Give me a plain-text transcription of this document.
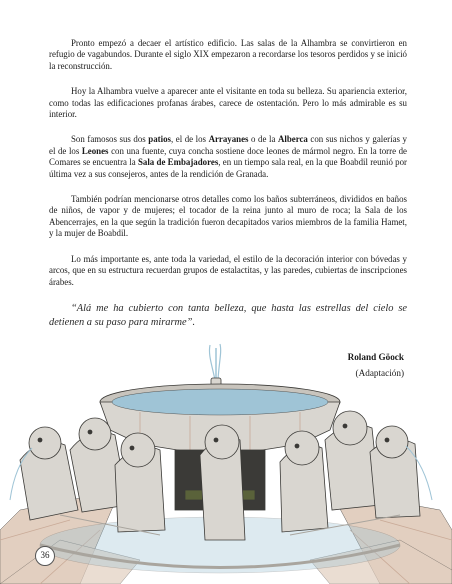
Pronto empezó a decaer el artístico edificio. Las salas de la Alhambra se convirtieron en refugio de vagabundos. Durante el siglo XIX empezaron a recordarse los tesoros perdidos y se inició la reconstrucción.

Hoy la Alhambra vuelve a aparecer ante el visitante en toda su belleza. Su apariencia exterior, como todas las edificaciones profanas árabes, carece de ostentación. Pero lo más admirable es su interior.

Son famosos sus dos patios, el de los Arrayanes o de la Alberca con sus nichos y galerías y el de los Leones con una fuente, cuya concha sostiene doce leones de mármol negro. En la torre de Comares se encuentra la Sala de Embajadores, en un tiempo sala real, en la que Boabdil reunió por última vez a sus consejeros, antes de la rendición de Granada.

También podrían mencionarse otros detalles como los baños subterráneos, divididos en baños de niños, de vapor y de mujeres; el tocador de la reina junto al muro de roca; la Sala de los Abencerrajes, en la que según la tradición fueron decapitados varios miembros de la familia Hamet, y la mujer de Boabdil.

Lo más importante es, ante toda la variedad, el estilo de la decoración interior con bóvedas y arcos, que en su estructura recuerdan grupos de estalactitas, y las paredes, cubiertas de inscripciones árabes.

“Alá me ha cubierto con tanta belleza, que hasta las estrellas del cielo se detienen a su paso para mirarme”.

Roland Göock
(Adaptación)
36
